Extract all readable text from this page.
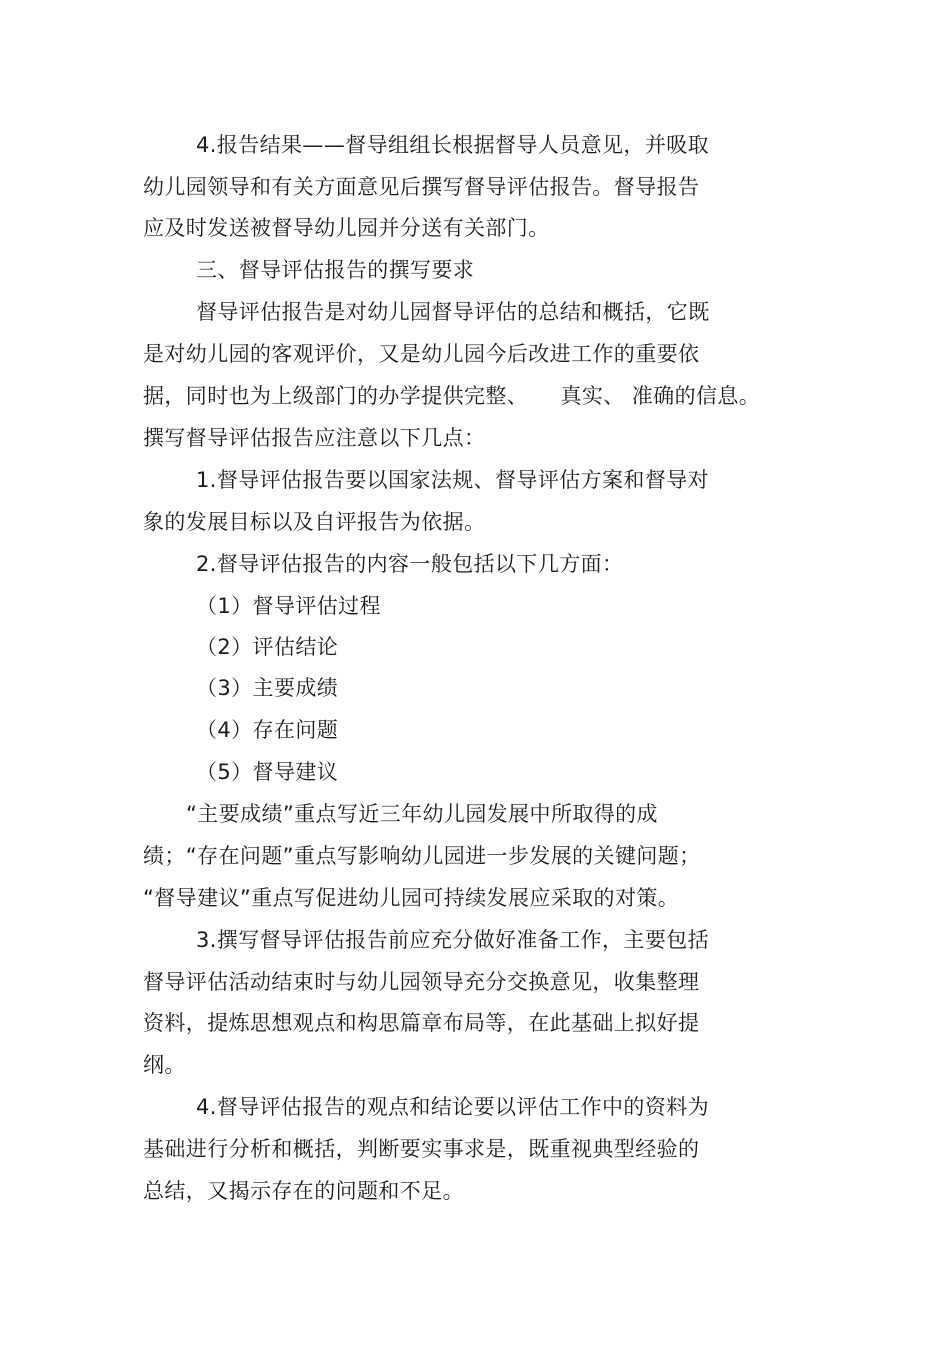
4.报告结果——督导组组长根据督导人员意见，并吸取
幼儿园领导和有关方面意见后撰写督导评估报告。督导报告
应及时发送被督导幼儿园并分送有关部门。
三、督导评估报告的撰写要求
督导评估报告是对幼儿园督导评估的总结和概括，它既
是对幼儿园的客观评价，又是幼儿园今后改进工作的重要依
据，同时也为上级部门的办学提供完整、　　真实、 准确的信息。
撰写督导评估报告应注意以下几点：
1.督导评估报告要以国家法规、督导评估方案和督导对
象的发展目标以及自评报告为依据。
2.督导评估报告的内容一般包括以下几方面：
（1）督导评估过程
（2）评估结论
（3）主要成绩
（4）存在问题
（5）督导建议
“主要成绩”重点写近三年幼儿园发展中所取得的成
绩；“存在问题”重点写影响幼儿园进一步发展的关键问题；
“督导建议”重点写促进幼儿园可持续发展应采取的对策。
3.撰写督导评估报告前应充分做好准备工作，主要包括
督导评估活动结束时与幼儿园领导充分交换意见，收集整理
资料，提炼思想观点和构思篇章布局等，在此基础上拟好提
纲。
4.督导评估报告的观点和结论要以评估工作中的资料为
基础进行分析和概括，判断要实事求是，既重视典型经验的
总结，又揭示存在的问题和不足。
